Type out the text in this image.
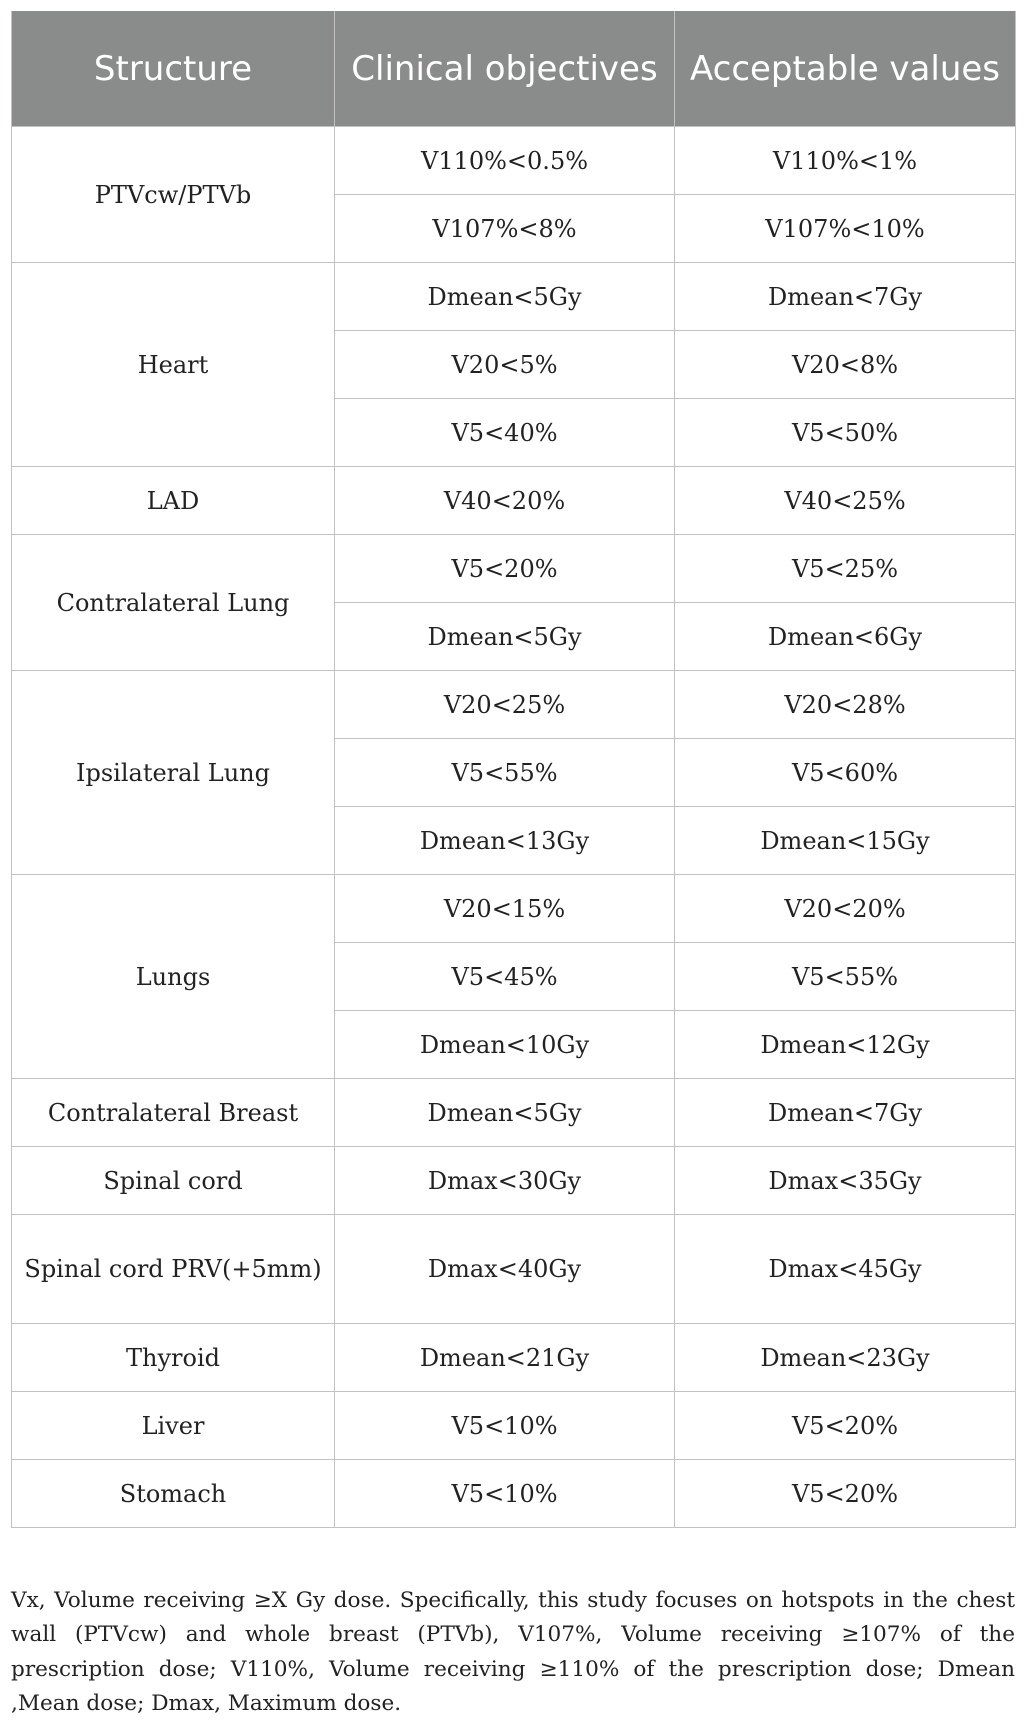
Structure	Clinical objectives	Acceptable values
PTVcw/PTVb	V110%<0.5%	V110%<1%
	V107%<8%	V107%<10%
Heart	Dmean<5Gy	Dmean<7Gy
	V20<5%	V20<8%
	V5<40%	V5<50%
LAD	V40<20%	V40<25%
Contralateral Lung	V5<20%	V5<25%
	Dmean<5Gy	Dmean<6Gy
Ipsilateral Lung	V20<25%	V20<28%
	V5<55%	V5<60%
	Dmean<13Gy	Dmean<15Gy
Lungs	V20<15%	V20<20%
	V5<45%	V5<55%
	Dmean<10Gy	Dmean<12Gy
Contralateral Breast	Dmean<5Gy	Dmean<7Gy
Spinal cord	Dmax<30Gy	Dmax<35Gy
Spinal cord PRV(+5mm)	Dmax<40Gy	Dmax<45Gy
Thyroid	Dmean<21Gy	Dmean<23Gy
Liver	V5<10%	V5<20%
Stomach	V5<10%	V5<20%

Vx, Volume receiving ≥X Gy dose. Specifically, this study focuses on hotspots in the chest wall (PTVcw) and whole breast (PTVb), V107%, Volume receiving ≥107% of the prescription dose; V110%, Volume receiving ≥110% of the prescription dose; Dmean ,Mean dose; Dmax, Maximum dose.
